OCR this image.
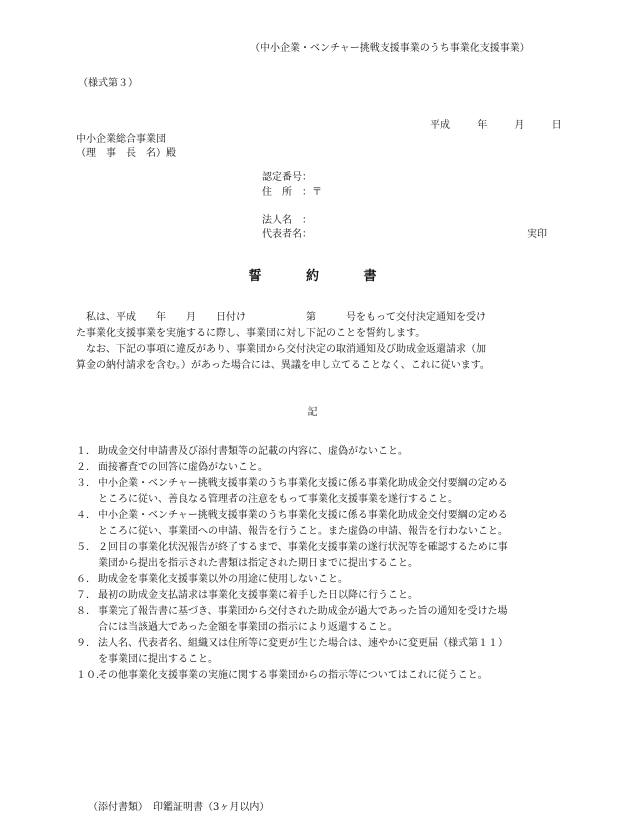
（中小企業・ベンチャー挑戦支援事業のうち事業化支援事業）
（様式第３）
平成	年	月	日
中小企業総合事業団
（理　事　長　名）殿
認定番号：
住　所　：〒
法人名　：
代表者名：	実印
誓	約	書
私は、平成　　年　　月　　日付け　　　　　　第　　　号をもって交付決定通知を受け
た事業化支援事業を実施するに際し、事業団に対し下記のことを誓約します。
なお、下記の事項に違反があり、事業団から交付決定の取消通知及び助成金返還請求（加
算金の納付請求を含む。）があった場合には、異議を申し立てることなく、これに従います。
記
１． 助成金交付申請書及び添付書類等の記載の内容に、虚偽がないこと。
２． 面接審査での回答に虚偽がないこと。
３． 中小企業・ベンチャー挑戦支援事業のうち事業化支援に係る事業化助成金交付要綱の定める
ところに従い、善良なる管理者の注意をもって事業化支援事業を遂行すること。
４． 中小企業・ベンチャー挑戦支援事業のうち事業化支援に係る事業化助成金交付要綱の定める
ところに従い、事業団への申請、報告を行うこと。また虚偽の申請、報告を行わないこと。
５． ２回目の事業化状況報告が終了するまで、事業化支援事業の遂行状況等を確認するために事
業団から提出を指示された書類は指定された期日までに提出すること。
６． 助成金を事業化支援事業以外の用途に使用しないこと。
７． 最初の助成金支払請求は事業化支援事業に着手した日以降に行うこと。
８． 事業完了報告書に基づき、事業団から交付された助成金が過大であった旨の通知を受けた場
合には当該過大であった金額を事業団の指示により返還すること。
９． 法人名、代表者名、組織又は住所等に変更が生じた場合は、速やかに変更届（様式第１１）
を事業団に提出すること。
１０．
その他事業化支援事業の実施に関する事業団からの指示等についてはこれに従うこと。
（添付書類）　印鑑証明書（3ヶ月以内）
